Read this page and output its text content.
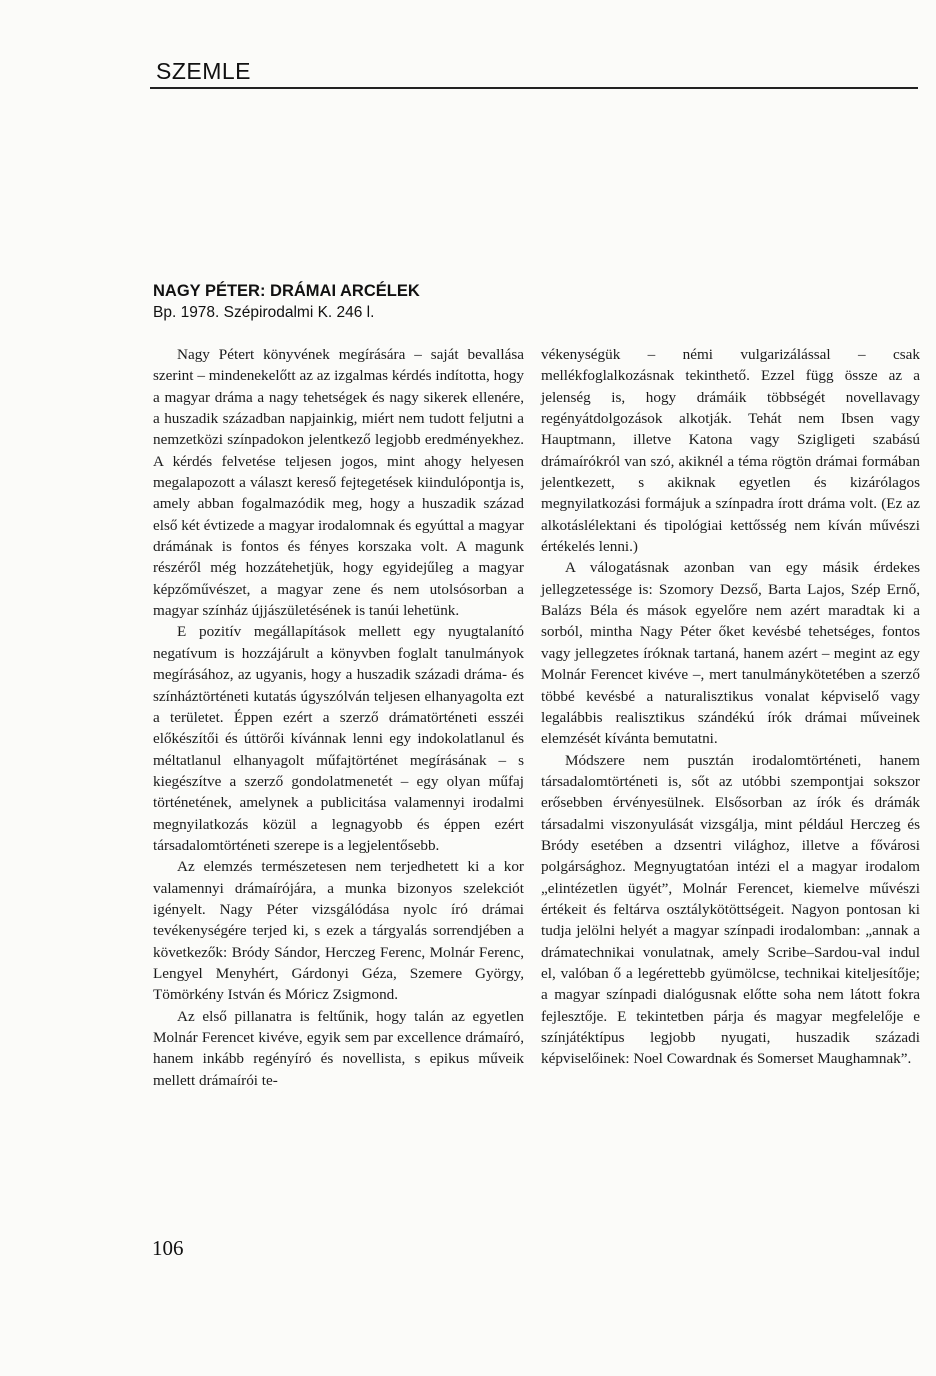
SZEMLE
NAGY PÉTER: DRÁMAI ARCÉLEK
Bp. 1978. Szépirodalmi K. 246 l.

Nagy Pétert könyvének megírására – saját bevallása szerint – mindenekelőtt az az izgalmas kérdés indította, hogy a magyar dráma a nagy tehetségek és nagy sikerek ellenére, a huszadik században napjainkig, miért nem tudott feljutni a nemzetközi színpadokon jelentkező legjobb eredményekhez. A kérdés felvetése teljesen jogos, mint ahogy helyesen megalapozott a választ kereső fejtegetések kiindulópontja is, amely abban fogalmazódik meg, hogy a huszadik század első két évtizede a magyar irodalomnak és egyúttal a magyar drámának is fontos és fényes korszaka volt. A magunk részéről még hozzátehetjük, hogy egyidejűleg a magyar képzőművészet, a magyar zene és nem utolsósorban a magyar színház újjászületésének is tanúi lehetünk.

E pozitív megállapítások mellett egy nyugtalanító negatívum is hozzájárult a könyvben foglalt tanulmányok megírásához, az ugyanis, hogy a huszadik századi dráma- és színháztörténeti kutatás úgyszólván teljesen elhanyagolta ezt a területet. Éppen ezért a szerző drámatörténeti esszéi előkészítői és úttörői kívánnak lenni egy indokolatlanul és méltatlanul elhanyagolt műfajtörténet megírásának – s kiegészítve a szerző gondolatmenetét – egy olyan műfaj történetének, amelynek a publicitása valamennyi irodalmi megnyilatkozás közül a legnagyobb és éppen ezért társadalomtörténeti szerepe is a legjelentősebb.

Az elemzés természetesen nem terjedhetett ki a kor valamennyi drámaírójára, a munka bizonyos szelekciót igényelt. Nagy Péter vizsgálódása nyolc író drámai tevékenységére terjed ki, s ezek a tárgyalás sorrendjében a következők: Bródy Sándor, Herczeg Ferenc, Molnár Ferenc, Lengyel Menyhért, Gárdonyi Géza, Szemere György, Tömörkény István és Móricz Zsigmond.

Az első pillanatra is feltűnik, hogy talán az egyetlen Molnár Ferencet kivéve, egyik sem par excellence drámaíró, hanem inkább regényíró és novellista, s epikus műveik mellett drámaírói te-

vékenységük – némi vulgarizálással – csak mellékfoglalkozásnak tekinthető. Ezzel függ össze az a jelenség is, hogy drámáik többségét novellavagy regényátdolgozások alkotják. Tehát nem Ibsen vagy Hauptmann, illetve Katona vagy Szigligeti szabású drámaírókról van szó, akiknél a téma rögtön drámai formában jelentkezett, s akiknak egyetlen és kizárólagos megnyilatkozási formájuk a színpadra írott dráma volt. (Ez az alkotáslélektani és tipológiai kettősség nem kíván művészi értékelés lenni.)

A válogatásnak azonban van egy másik érdekes jellegzetessége is: Szomory Dezső, Barta Lajos, Szép Ernő, Balázs Béla és mások egyelőre nem azért maradtak ki a sorból, mintha Nagy Péter őket kevésbé tehetséges, fontos vagy jellegzetes íróknak tartaná, hanem azért – megint az egy Molnár Ferencet kivéve –, mert tanulmánykötetében a szerző többé kevésbé a naturalisztikus vonalat képviselő vagy legalábbis realisztikus szándékú írók drámai műveinek elemzését kívánta bemutatni.

Módszere nem pusztán irodalomtörténeti, hanem társadalomtörténeti is, sőt az utóbbi szempontjai sokszor erősebben érvényesülnek. Elsősorban az írók és drámák társadalmi viszonyulását vizsgálja, mint például Herczeg és Bródy esetében a dzsentri világhoz, illetve a fővárosi polgársághoz. Megnyugtatóan intézi el a magyar irodalom „elintézetlen ügyét”, Molnár Ferencet, kiemelve művészi értékeit és feltárva osztálykötöttségeit. Nagyon pontosan ki tudja jelölni helyét a magyar színpadi irodalomban: „annak a drámatechnikai vonulatnak, amely Scribe–Sardou-val indul el, valóban ő a legérettebb gyümölcse, technikai kiteljesítője; a magyar színpadi dialógusnak előtte soha nem látott fokra fejlesztője. E tekintetben párja és magyar megfelelője e színjátéktípus legjobb nyugati, huszadik századi képviselőinek: Noel Cowardnak és Somerset Maughamnak”.

106
